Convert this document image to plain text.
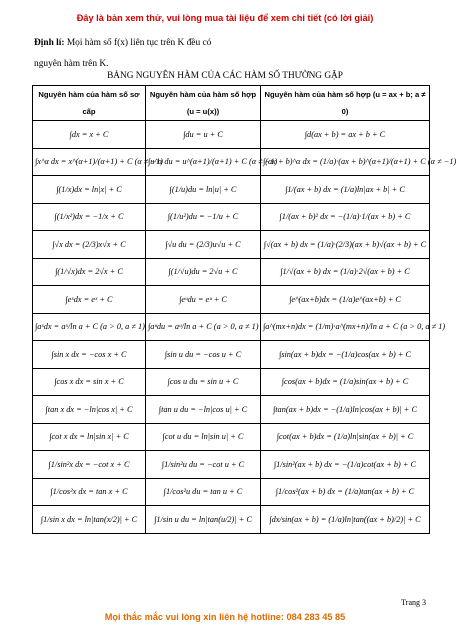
Đây là bản xem thử, vui lòng mua tài liệu để xem chi tiết (có lời giải)
Định lí: Mọi hàm số f(x) liên tục trên K đều có
nguyên hàm trên K.
BẢNG NGUYÊN HÀM CỦA CÁC HÀM SỐ THƯỜNG GẶP
Nguyên hàm của hàm số sơ cấp	Nguyên hàm của hàm số hợp (u = u(x))	Nguyên hàm của hàm số hợp (u = ax + b; a ≠ 0)
∫dx = x + C	∫du = u + C	∫d(ax + b) = ax + b + C
∫x^α dx = x^(α+1)/(α+1) + C (α ≠ −1)	∫u^α du = u^(α+1)/(α+1) + C (α ≠ −1)	∫(ax + b)^α dx = (1/a)·(ax + b)^(α+1)/(α+1) + C (α ≠ −1)
∫(1/x)dx = ln|x| + C	∫(1/u)du = ln|u| + C	∫1/(ax + b) dx = (1/a)ln|ax + b| + C
∫(1/x²)dx = −1/x + C	∫(1/u²)du = −1/u + C	∫1/(ax + b)² dx = −(1/a)·1/(ax + b) + C
∫√x dx = (2/3)x√x + C	∫√u du = (2/3)u√u + C	∫√(ax + b) dx = (1/a)·(2/3)(ax + b)√(ax + b) + C
∫(1/√x)dx = 2√x + C	∫(1/√u)du = 2√u + C	∫1/√(ax + b) dx = (1/a)·2√(ax + b) + C
∫eˣdx = eˣ + C	∫eᵘdu = eᵘ + C	∫e^(ax+b)dx = (1/a)e^(ax+b) + C
∫aˣdx = aˣ/ln a + C (a > 0, a ≠ 1)	∫aᵘdu = aᵘ/ln a + C (a > 0, a ≠ 1)	∫a^(mx+n)dx = (1/m)·a^(mx+n)/ln a + C (a > 0, a ≠ 1)
∫sin x dx = −cos x + C	∫sin u du = −cos u + C	∫sin(ax + b)dx = −(1/a)cos(ax + b) + C
∫cos x dx = sin x + C	∫cos u du = sin u + C	∫cos(ax + b)dx = (1/a)sin(ax + b) + C
∫tan x dx = −ln|cos x| + C	∫tan u du = −ln|cos u| + C	∫tan(ax + b)dx = −(1/a)ln|cos(ax + b)| + C
∫cot x dx = ln|sin x| + C	∫cot u du = ln|sin u| + C	∫cot(ax + b)dx = (1/a)ln|sin(ax + b)| + C
∫1/sin²x dx = −cot x + C	∫1/sin²u du = −cot u + C	∫1/sin²(ax + b) dx = −(1/a)cot(ax + b) + C
∫1/cos²x dx = tan x + C	∫1/cos²u du = tan u + C	∫1/cos²(ax + b) dx = (1/a)tan(ax + b) + C
∫1/sin x dx = ln|tan(x/2)| + C	∫1/sin u du = ln|tan(u/2)| + C	∫dx/sin(ax + b) = (1/a)ln|tan((ax + b)/2)| + C
Trang 3
Mọi thắc mắc vui lòng xin liên hệ hotline: 084 283 45 85
